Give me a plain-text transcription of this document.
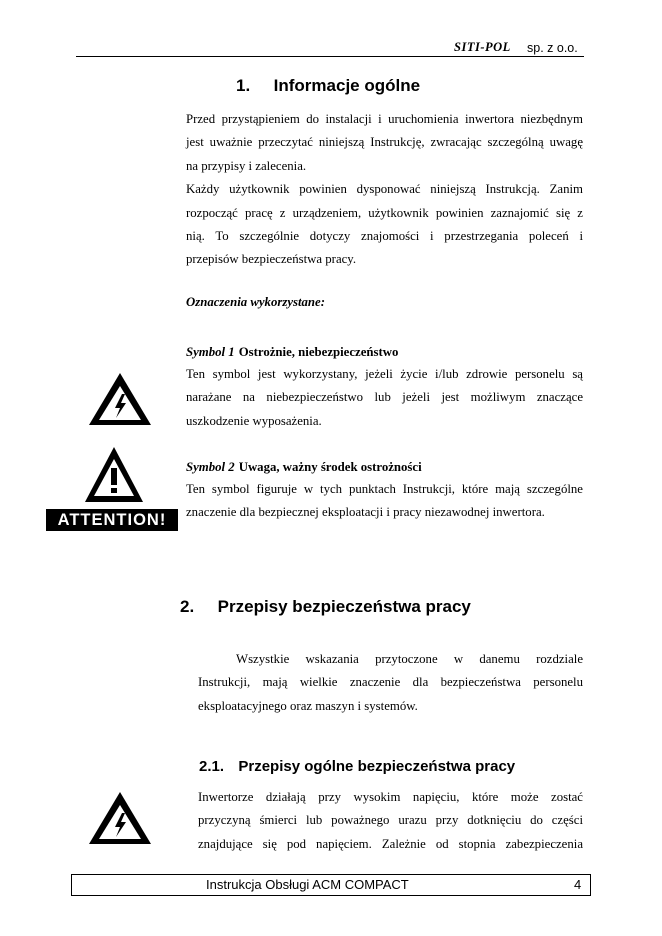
SITI-POL sp. z o.o.
1. Informacje ogólne
Przed przystąpieniem do instalacji i uruchomienia inwertora niezbędnym
jest uważnie przeczytać niniejszą Instrukcję, zwracając szczególną uwagę
na przypisy i zalecenia.
Każdy użytkownik powinien dysponować niniejszą Instrukcją. Zanim
rozpocząć pracę z urządzeniem, użytkownik powinien zaznajomić się z
nią. To szczególnie dotyczy znajomości i przestrzegania poleceń i
przepisów bezpieczeństwa pracy.
Oznaczenia wykorzystane:
Symbol 1 Ostrożnie, niebezpieczeństwo
Ten symbol jest wykorzystany, jeżeli życie i/lub zdrowie personelu są
narażane na niebezpieczeństwo lub jeżeli jest możliwym znaczące
uszkodzenie wyposażenia.
Symbol 2 Uwaga, ważny środek ostrożności
Ten symbol figuruje w tych punktach Instrukcji, które mają szczególne
znaczenie dla bezpiecznej eksploatacji i pracy niezawodnej inwertora.
ATTENTION!
2. Przepisy bezpieczeństwa pracy
Wszystkie wskazania przytoczone w danemu rozdziale
Instrukcji, mają wielkie znaczenie dla bezpieczeństwa personelu
eksploatacyjnego oraz maszyn i systemów.
2.1. Przepisy ogólne bezpieczeństwa pracy
Inwertorze działają przy wysokim napięciu, które może zostać
przyczyną śmierci lub poważnego urazu przy dotknięciu do części
znajdujące się pod napięciem. Zależnie od stopnia zabezpieczenia
Instrukcja Obsługi ACM COMPACT	4
